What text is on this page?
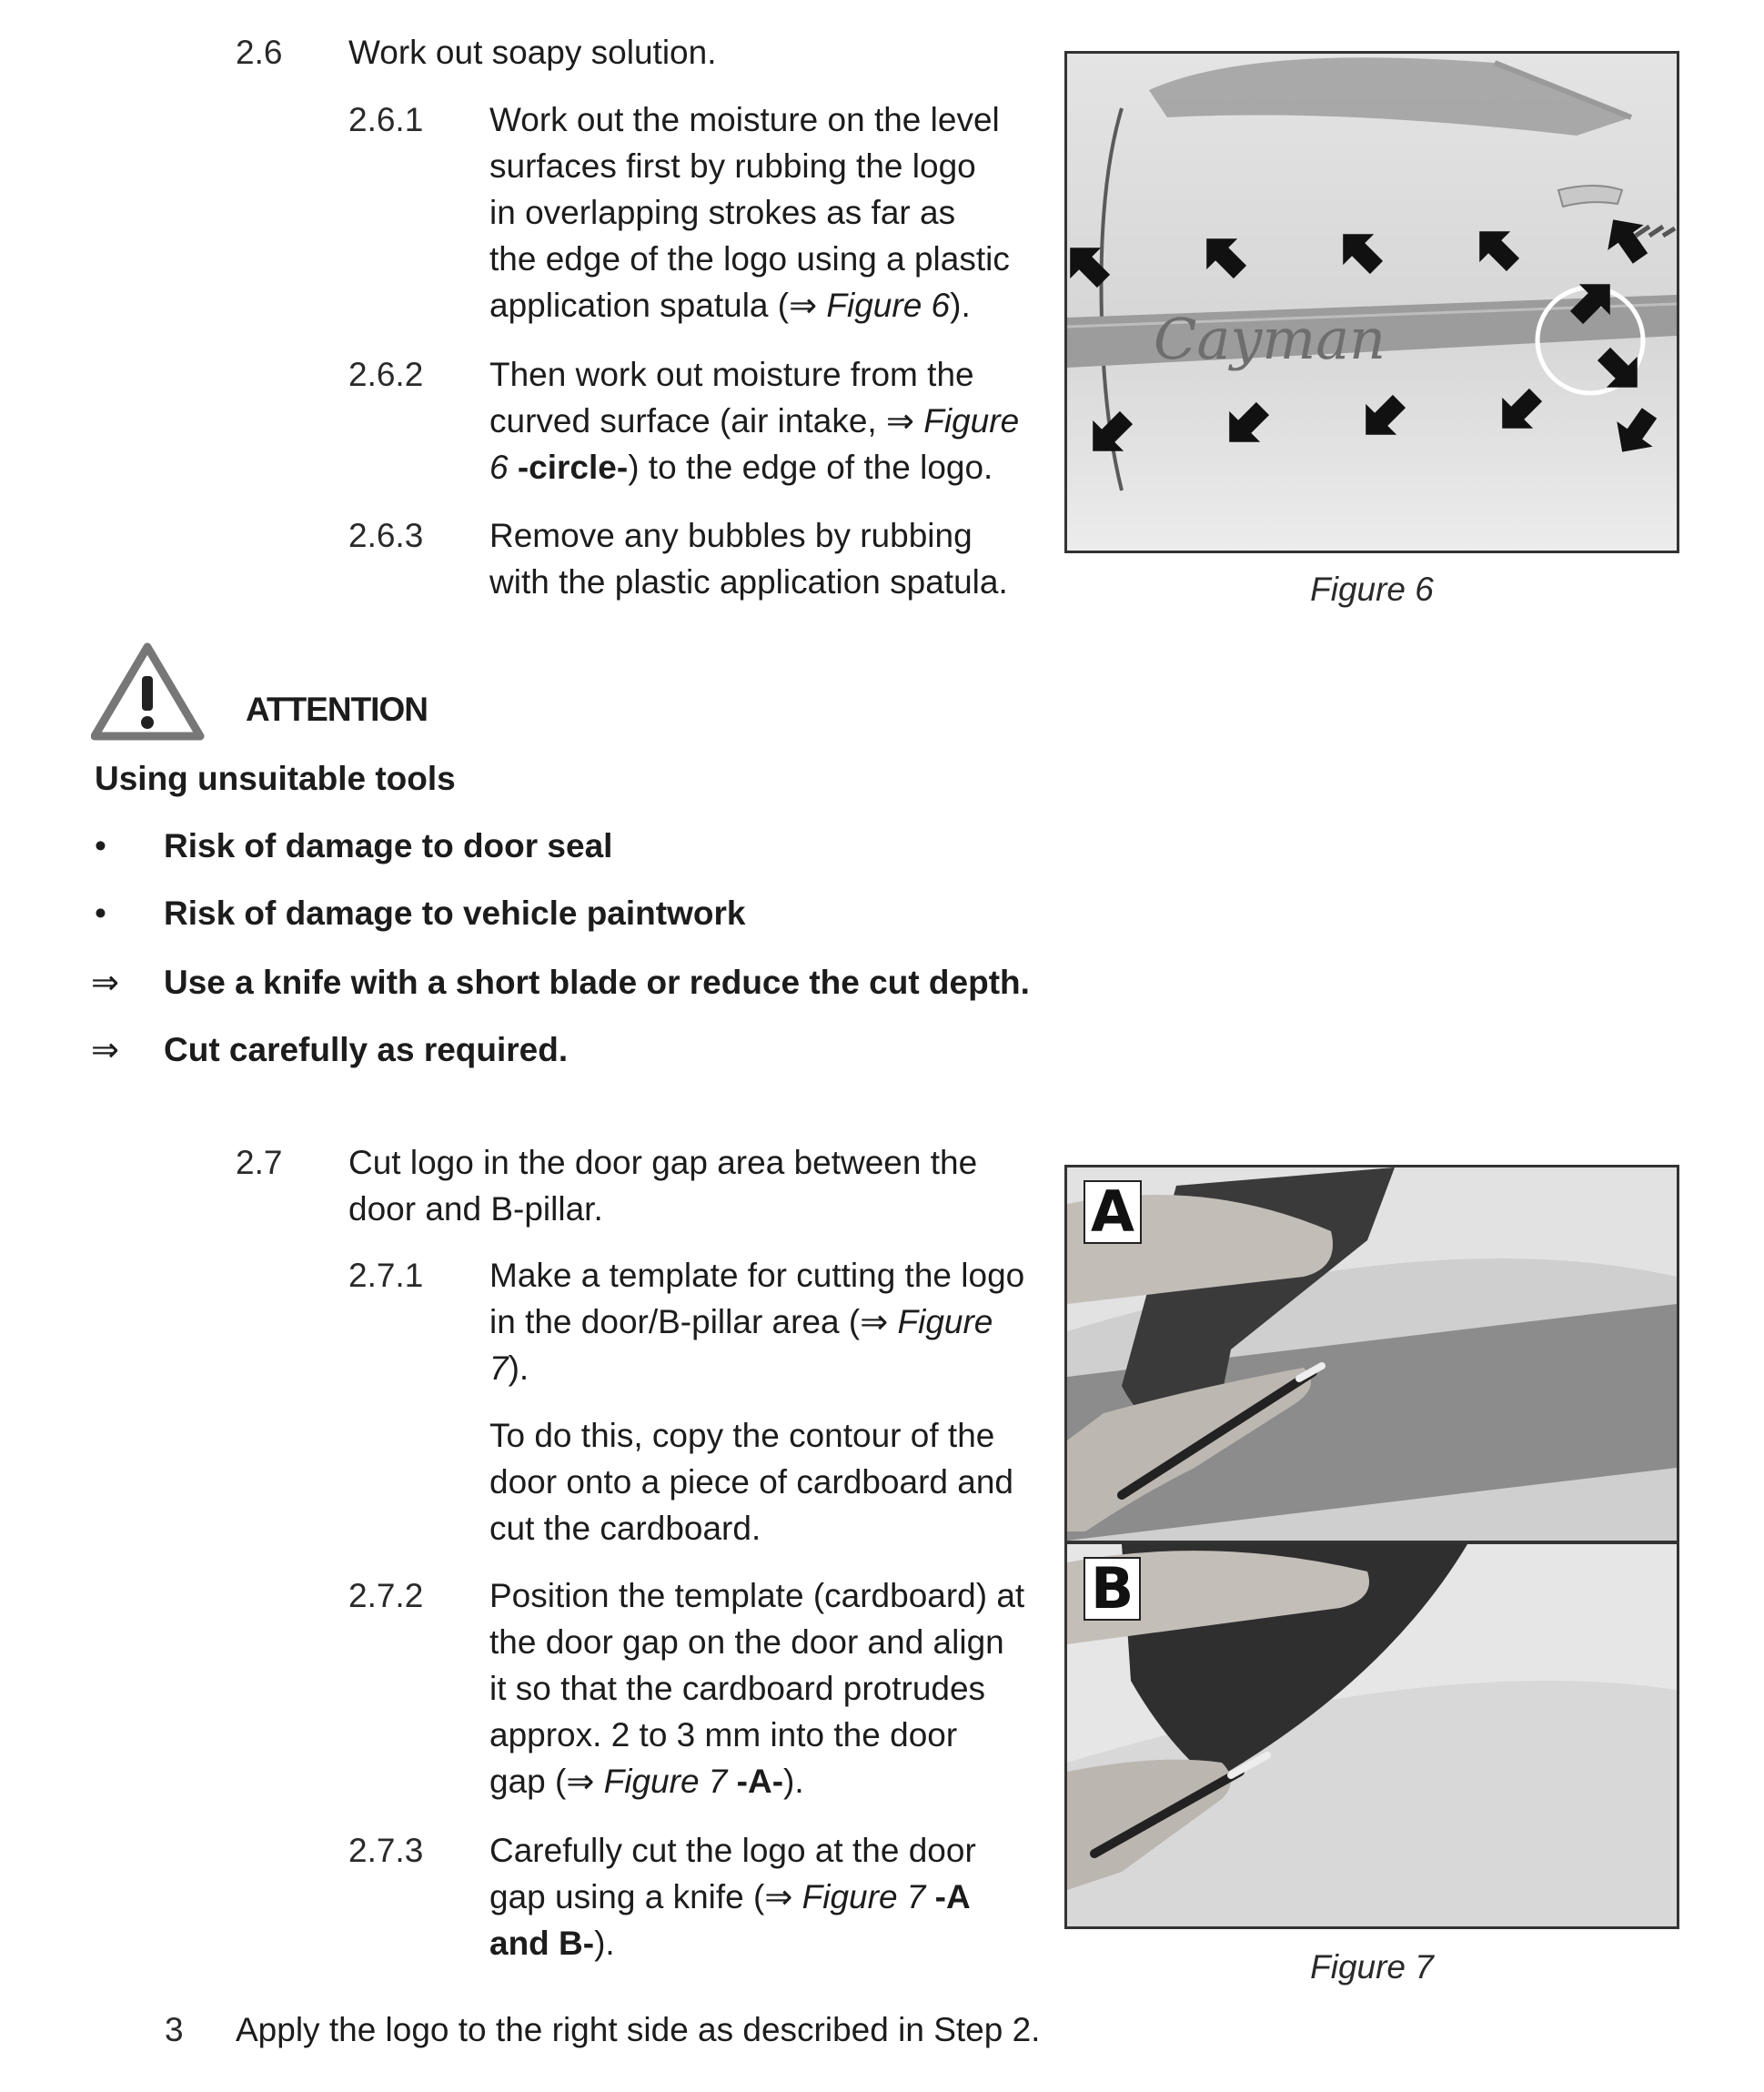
2.6 Work out soapy solution.
2.6.1 Work out the moisture on the level

surfaces first by rubbing the logo

in overlapping strokes as far as

the edge of the logo using a plastic

application spatula (⇒ Figure 6).

2.6.2 Then work out moisture from the

curved surface (air intake, ⇒ Figure

6 -circle-) to the edge of the logo.

2.6.3 Remove any bubbles by rubbing

with the plastic application spatula.

Cayman
Figure 6
ATTENTION
Using unsuitable tools
•	Risk of damage to door seal
•	Risk of damage to vehicle paintwork
⇒	Use a knife with a short blade or reduce the cut depth.
⇒	Cut carefully as required.
2.7 Cut logo in the door gap area between the

door and B-pillar.

2.7.1 Make a template for cutting the logo

in the door/B-pillar area (⇒ Figure

7).

To do this, copy the contour of the

door onto a piece of cardboard and

cut the cardboard.

2.7.2 Position the template (cardboard) at

the door gap on the door and align

it so that the cardboard protrudes

approx. 2 to 3 mm into the door

gap (⇒ Figure 7 -A-).

2.7.3 Carefully cut the logo at the door

gap using a knife (⇒ Figure 7 -A

and B-).

A
B
Figure 7
3 Apply the logo to the right side as described in Step 2.
